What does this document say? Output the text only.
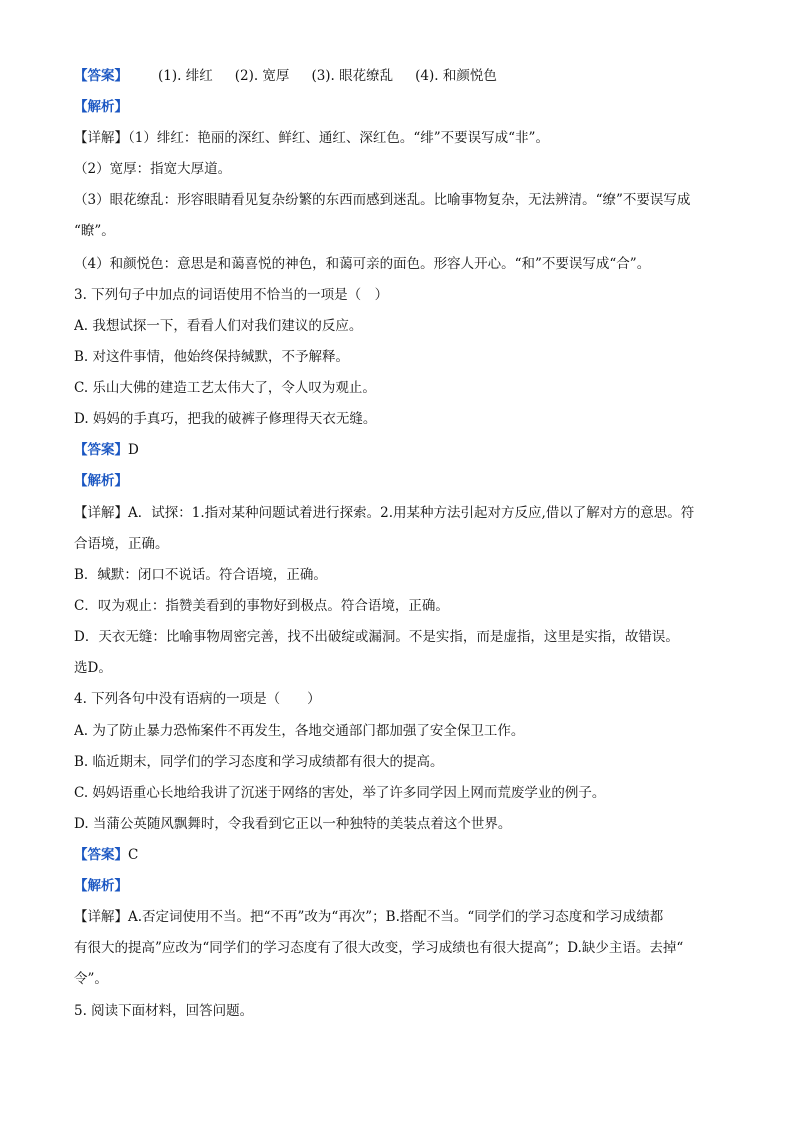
【答案】 (1). 绯红 (2). 宽厚 (3). 眼花缭乱 (4). 和颜悦色
【解析】
【详解】（1）绯红：艳丽的深红、鲜红、通红、深红色。“绯”不要误写成“非”。
（2）宽厚：指宽大厚道。
（3）眼花缭乱：形容眼睛看见复杂纷繁的东西而感到迷乱。比喻事物复杂，无法辨清。“缭”不要误写成
“瞭”。
（4）和颜悦色：意思是和蔼喜悦的神色，和蔼可亲的面色。形容人开心。“和”不要误写成“合”。
3. 下列句子中加点的词语使用不恰当的一项是（　）
A. 我想试探一下，看看人们对我们建议的反应。
B. 对这件事情，他始终保持缄默，不予解释。
C. 乐山大佛的建造工艺太伟大了，令人叹为观止。
D. 妈妈的手真巧，把我的破裤子修理得天衣无缝。
【答案】D
【解析】
【详解】A．试探：1.指对某种问题试着进行探索。2.用某种方法引起对方反应,借以了解对方的意思。符
合语境，正确。
B．缄默：闭口不说话。符合语境，正确。
C．叹为观止：指赞美看到的事物好到极点。符合语境，正确。
D．天衣无缝：比喻事物周密完善，找不出破绽或漏洞。不是实指，而是虚指，这里是实指，故错误。
选D。
4. 下列各句中没有语病的一项是（　　）
A. 为了防止暴力恐怖案件不再发生，各地交通部门都加强了安全保卫工作。
B. 临近期末，同学们的学习态度和学习成绩都有很大的提高。
C. 妈妈语重心长地给我讲了沉迷于网络的害处，举了许多同学因上网而荒废学业的例子。
D. 当蒲公英随风飘舞时，令我看到它正以一种独特的美装点着这个世界。
【答案】C
【解析】
【详解】A.否定词使用不当。把“不再”改为“再次”；B.搭配不当。“同学们的学习态度和学习成绩都
有很大的提高”应改为“同学们的学习态度有了很大改变，学习成绩也有很大提高”；D.缺少主语。去掉“
令”。
5. 阅读下面材料，回答问题。
